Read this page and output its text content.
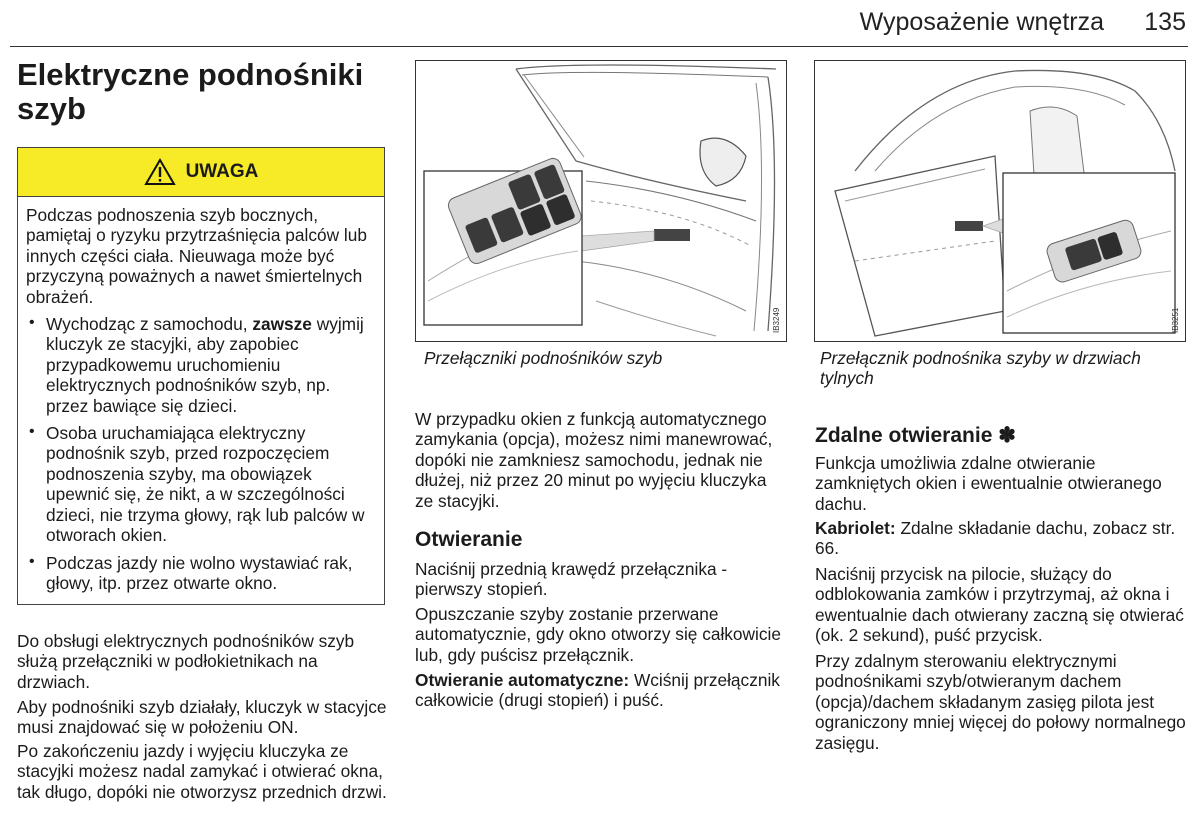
Wyposażenie wnętrza 135
Elektryczne podnośniki szyb
UWAGA

Podczas podnoszenia szyb bocznych, pamiętaj o ryzyku przytrzaśnięcia palców lub innych części ciała. Nieuwaga może być przyczyną poważnych a nawet śmiertelnych obrażeń.

• Wychodząc z samochodu, zawsze wyjmij kluczyk ze stacyjki, aby zapobiec przypadkowemu uruchomieniu elektrycznych podnośników szyb, np. przez bawiące się dzieci.

• Osoba uruchamiająca elektryczny podnośnik szyb, przed rozpoczęciem podnoszenia szyby, ma obowiązek upewnić się, że nikt, a w szczególności dzieci, nie trzyma głowy, rąk lub palców w otworach okien.

• Podczas jazdy nie wolno wystawiać rak, głowy, itp. przez otwarte okno.

Do obsługi elektrycznych podnośników szyb służą przełączniki w podłokietnikach na drzwiach.

Aby podnośniki szyb działały, kluczyk w stacyjce musi znajdować się w położeniu ON.

Po zakończeniu jazdy i wyjęciu kluczyka ze stacyjki możesz nadal zamykać i otwierać okna, tak długo, dopóki nie otworzysz przednich drzwi.

IB3249
Przełączniki podnośników szyb

W przypadku okien z funkcją automatycznego zamykania (opcja), możesz nimi manewrować, dopóki nie zamkniesz samochodu, jednak nie dłużej, niż przez 20 minut po wyjęciu kluczyka ze stacyjki.

Otwieranie

Naciśnij przednią krawędź przełącznika - pierwszy stopień.

Opuszczanie szyby zostanie przerwane automatycznie, gdy okno otworzy się całkowicie lub, gdy puścisz przełącznik.

Otwieranie automatyczne: Wciśnij przełącznik całkowicie (drugi stopień) i puść.

IB3251
Przełącznik podnośnika szyby w drzwiach tylnych
Zdalne otwieranie ✽

Funkcja umożliwia zdalne otwieranie zamkniętych okien i ewentualnie otwieranego dachu.

Kabriolet: Zdalne składanie dachu, zobacz str. 66.

Naciśnij przycisk na pilocie, służący do odblokowania zamków i przytrzymaj, aż okna i ewentualnie dach otwierany zaczną się otwierać (ok. 2 sekund), puść przycisk.

Przy zdalnym sterowaniu elektrycznymi podnośnikami szyb/otwieranym dachem (opcja)/dachem składanym zasięg pilota jest ograniczony mniej więcej do połowy normalnego zasięgu.
